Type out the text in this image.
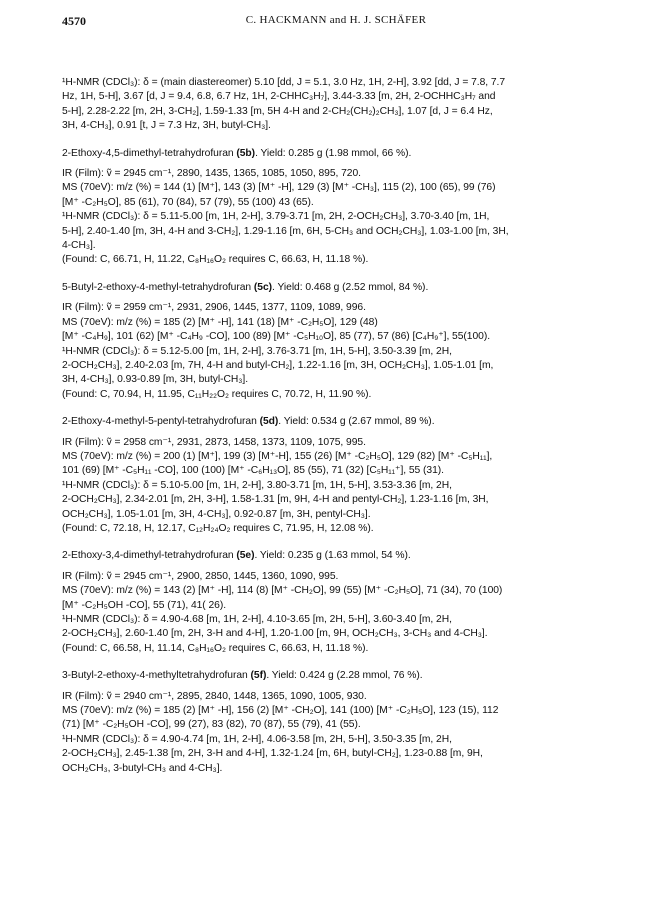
4570	C. HACKMANN and H. J. SCHÄFER

¹H-NMR (CDCl₃): δ = (main diastereomer) 5.10 [dd, J = 5.1, 3.0 Hz, 1H, 2-H], 3.92 [dd, J = 7.8, 7.7

Hz, 1H, 5-H], 3.67 [d, J = 9.4, 6.8, 6.7 Hz, 1H, 2-CHHC₃H₇], 3.44-3.33 [m, 2H, 2-OCHHC₃H₇ and

5-H], 2.28-2.22 [m, 2H, 3-CH₂], 1.59-1.33 [m, 5H 4-H and 2-CH₂(CH₂)₂CH₃], 1.07 [d, J = 6.4 Hz,

3H, 4-CH₃], 0.91 [t, J = 7.3 Hz, 3H, butyl-CH₃].

2-Ethoxy-4,5-dimethyl-tetrahydrofuran (5b). Yield: 0.285 g (1.98 mmol, 66 %).

IR (Film): ṽ = 2945 cm⁻¹, 2890, 1435, 1365, 1085, 1050, 895, 720.

MS (70eV): m/z (%) = 144 (1) [M⁺], 143 (3) [M⁺ -H], 129 (3) [M⁺ -CH₃], 115 (2), 100 (65), 99 (76)

[M⁺ -C₂H₅O], 85 (61), 70 (84), 57 (79), 55 (100) 43 (65).

¹H-NMR (CDCl₃): δ = 5.11-5.00 [m, 1H, 2-H], 3.79-3.71 [m, 2H, 2-OCH₂CH₃], 3.70-3.40 [m, 1H,

5-H], 2.40-1.40 [m, 3H, 4-H and 3-CH₂], 1.29-1.16 [m, 6H, 5-CH₃ and OCH₂CH₃], 1.03-1.00 [m, 3H,

4-CH₃].

(Found: C, 66.71, H, 11.22, C₈H₁₆O₂ requires C, 66.63, H, 11.18 %).

5-Butyl-2-ethoxy-4-methyl-tetrahydrofuran (5c). Yield: 0.468 g (2.52 mmol, 84 %).

IR (Film): ṽ = 2959 cm⁻¹, 2931, 2906, 1445, 1377, 1109, 1089, 996.

MS (70eV): m/z (%) = 185 (2) [M⁺ -H], 141 (18) [M⁺ -C₂H₅O], 129 (48)

[M⁺ -C₄H₉], 101 (62) [M⁺ -C₄H₉ -CO], 100 (89) [M⁺ -C₅H₁₀O], 85 (77), 57 (86) [C₄H₉⁺], 55(100).

¹H-NMR (CDCl₃): δ = 5.12-5.00 [m, 1H, 2-H], 3.76-3.71 [m, 1H, 5-H], 3.50-3.39 [m, 2H,

2-OCH₂CH₃], 2.40-2.03 [m, 7H, 4-H and butyl-CH₂], 1.22-1.16 [m, 3H, OCH₂CH₃], 1.05-1.01 [m,

3H, 4-CH₃], 0.93-0.89 [m, 3H, butyl-CH₃].

(Found: C, 70.94, H, 11.95, C₁₁H₂₂O₂ requires C, 70.72, H, 11.90 %).

2-Ethoxy-4-methyl-5-pentyl-tetrahydrofuran (5d). Yield: 0.534 g (2.67 mmol, 89 %).

IR (Film): ṽ = 2958 cm⁻¹, 2931, 2873, 1458, 1373, 1109, 1075, 995.

MS (70eV): m/z (%) = 200 (1) [M⁺], 199 (3) [M⁺-H], 155 (26) [M⁺ -C₂H₅O], 129 (82) [M⁺ -C₅H₁₁],

101 (69) [M⁺ -C₅H₁₁ -CO], 100 (100) [M⁺ -C₆H₁₃O], 85 (55), 71 (32) [C₅H₁₁⁺], 55 (31).

¹H-NMR (CDCl₃): δ = 5.10-5.00 [m, 1H, 2-H], 3.80-3.71 [m, 1H, 5-H], 3.53-3.36 [m, 2H,

2-OCH₂CH₃], 2.34-2.01 [m, 2H, 3-H], 1.58-1.31 [m, 9H, 4-H and pentyl-CH₂], 1.23-1.16 [m, 3H,

OCH₂CH₃], 1.05-1.01 [m, 3H, 4-CH₃], 0.92-0.87 [m, 3H, pentyl-CH₃].

(Found: C, 72.18, H, 12.17, C₁₂H₂₄O₂ requires C, 71.95, H, 12.08 %).

2-Ethoxy-3,4-dimethyl-tetrahydrofuran (5e). Yield: 0.235 g (1.63 mmol, 54 %).

IR (Film): ṽ = 2945 cm⁻¹, 2900, 2850, 1445, 1360, 1090, 995.

MS (70eV): m/z (%) = 143 (2) [M⁺ -H], 114 (8) [M⁺ -CH₂O], 99 (55) [M⁺ -C₂H₅O], 71 (34), 70 (100)

[M⁺ -C₂H₅OH -CO], 55 (71), 41( 26).

¹H-NMR (CDCl₃): δ = 4.90-4.68 [m, 1H, 2-H], 4.10-3.65 [m, 2H, 5-H], 3.60-3.40 [m, 2H,

2-OCH₂CH₃], 2.60-1.40 [m, 2H, 3-H and 4-H], 1.20-1.00 [m, 9H, OCH₂CH₃, 3-CH₃ and 4-CH₃].

(Found: C, 66.58, H, 11.14, C₈H₁₆O₂ requires C, 66.63, H, 11.18 %).

3-Butyl-2-ethoxy-4-methyltetrahydrofuran (5f). Yield: 0.424 g (2.28 mmol, 76 %).

IR (Film): ṽ = 2940 cm⁻¹, 2895, 2840, 1448, 1365, 1090, 1005, 930.

MS (70eV): m/z (%) = 185 (2) [M⁺ -H], 156 (2) [M⁺ -CH₂O], 141 (100) [M⁺ -C₂H₅O], 123 (15), 112

(71) [M⁺ -C₂H₅OH -CO], 99 (27), 83 (82), 70 (87), 55 (79), 41 (55).

¹H-NMR (CDCl₃): δ = 4.90-4.74 [m, 1H, 2-H], 4.06-3.58 [m, 2H, 5-H], 3.50-3.35 [m, 2H,

2-OCH₂CH₃], 2.45-1.38 [m, 2H, 3-H and 4-H], 1.32-1.24 [m, 6H, butyl-CH₂], 1.23-0.88 [m, 9H,

OCH₂CH₃, 3-butyl-CH₃ and 4-CH₃].
